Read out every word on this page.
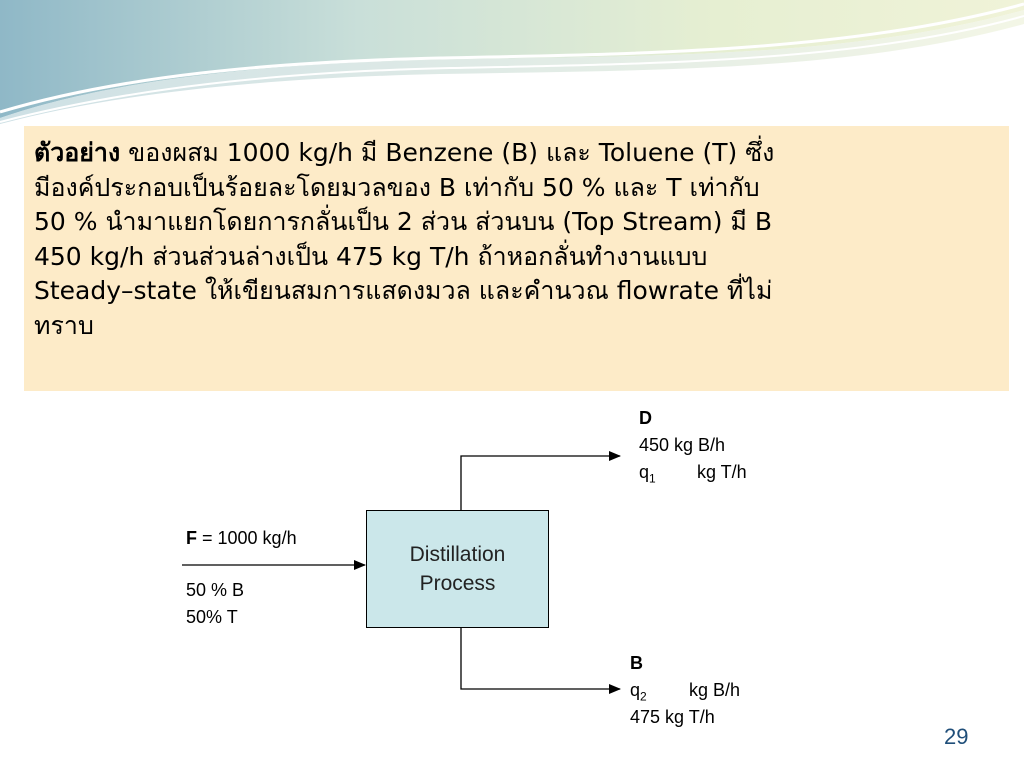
ตัวอย่าง ของผสม 1000 kg/h มี Benzene (B) และ Toluene (T) ซึ่ง
มีองค์ประกอบเป็นร้อยละโดยมวลของ B เท่ากับ 50 % และ T เท่ากับ
50 % นำมาแยกโดยการกลั่นเป็น 2 ส่วน ส่วนบน (Top Stream) มี B
450 kg/h ส่วนส่วนล่างเป็น 475 kg T/h ถ้าหอกลั่นทำงานแบบ
Steady–state ให้เขียนสมการแสดงมวล และคำนวณ flowrate ที่ไม่
ทราบ
Distillation
Process
F = 1000 kg/h
50 % B
50% T
D
450 kg B/h
$q_1$ kg T/h
B
$q_2$ kg B/h
475 kg T/h
29
